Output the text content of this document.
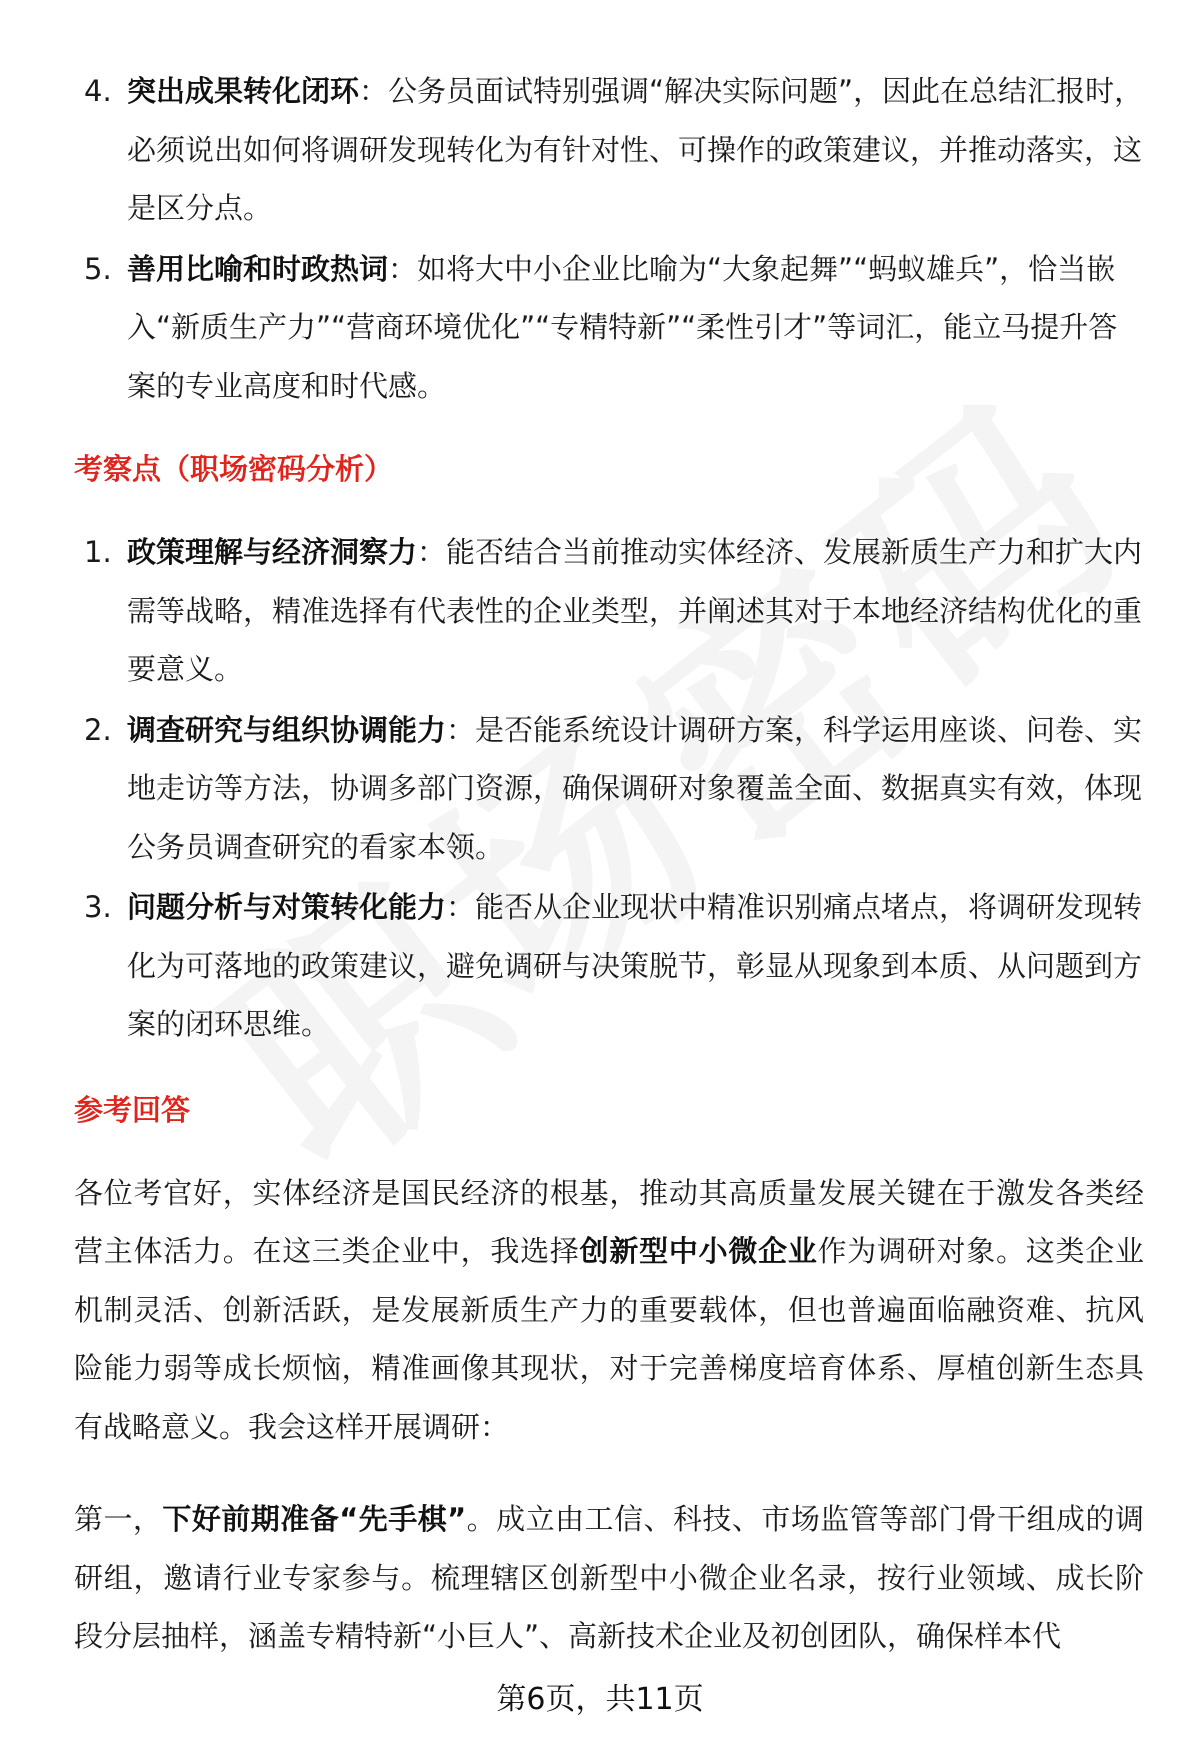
4. 突出成果转化闭环：公务员面试特别强调“解决实际问题”，因此在总结汇报时，必须说出如何将调研发现转化为有针对性、可操作的政策建议，并推动落实，这是区分点。
5. 善用比喻和时政热词：如将大中小企业比喻为“大象起舞”“蚂蚁雄兵”，恰当嵌入“新质生产力”“营商环境优化”“专精特新”“柔性引才”等词汇，能立马提升答案的专业高度和时代感。
考察点（职场密码分析）
1. 政策理解与经济洞察力：能否结合当前推动实体经济、发展新质生产力和扩大内需等战略，精准选择有代表性的企业类型，并阐述其对于本地经济结构优化的重要意义。
2. 调查研究与组织协调能力：是否能系统设计调研方案，科学运用座谈、问卷、实地走访等方法，协调多部门资源，确保调研对象覆盖全面、数据真实有效，体现公务员调查研究的看家本领。
3. 问题分析与对策转化能力：能否从企业现状中精准识别痛点堵点，将调研发现转化为可落地的政策建议，避免调研与决策脱节，彰显从现象到本质、从问题到方案的闭环思维。
参考回答

各位考官好，实体经济是国民经济的根基，推动其高质量发展关键在于激发各类经营主体活力。在这三类企业中，我选择创新型中小微企业作为调研对象。这类企业机制灵活、创新活跃，是发展新质生产力的重要载体，但也普遍面临融资难、抗风险能力弱等成长烦恼，精准画像其现状，对于完善梯度培育体系、厚植创新生态具有战略意义。我会这样开展调研：

第一，下好前期准备“先手棋”。成立由工信、科技、市场监管等部门骨干组成的调研组，邀请行业专家参与。梳理辖区创新型中小微企业名录，按行业领域、成长阶段分层抽样，涵盖专精特新“小巨人”、高新技术企业及初创团队，确保样本代

第6页，共11页
